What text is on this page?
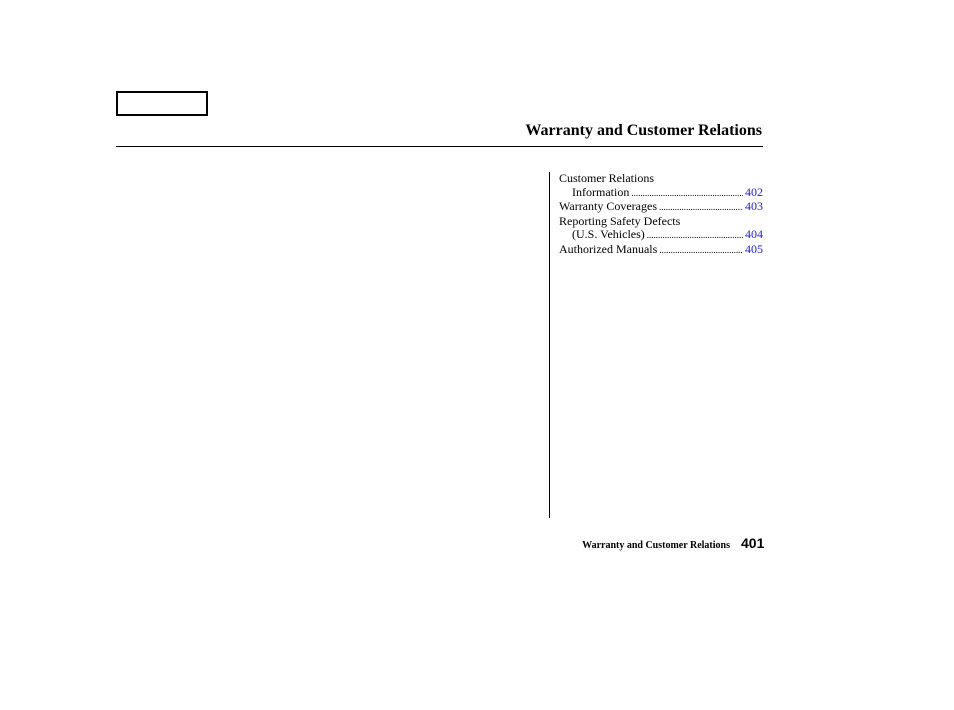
Warranty and Customer Relations
Customer Relations
Information .....	402
Warranty Coverages .....	403
Reporting Safety Defects
(U.S. Vehicles) .....	404
Authorized Manuals .....	405
Warranty and Customer Relations 401
